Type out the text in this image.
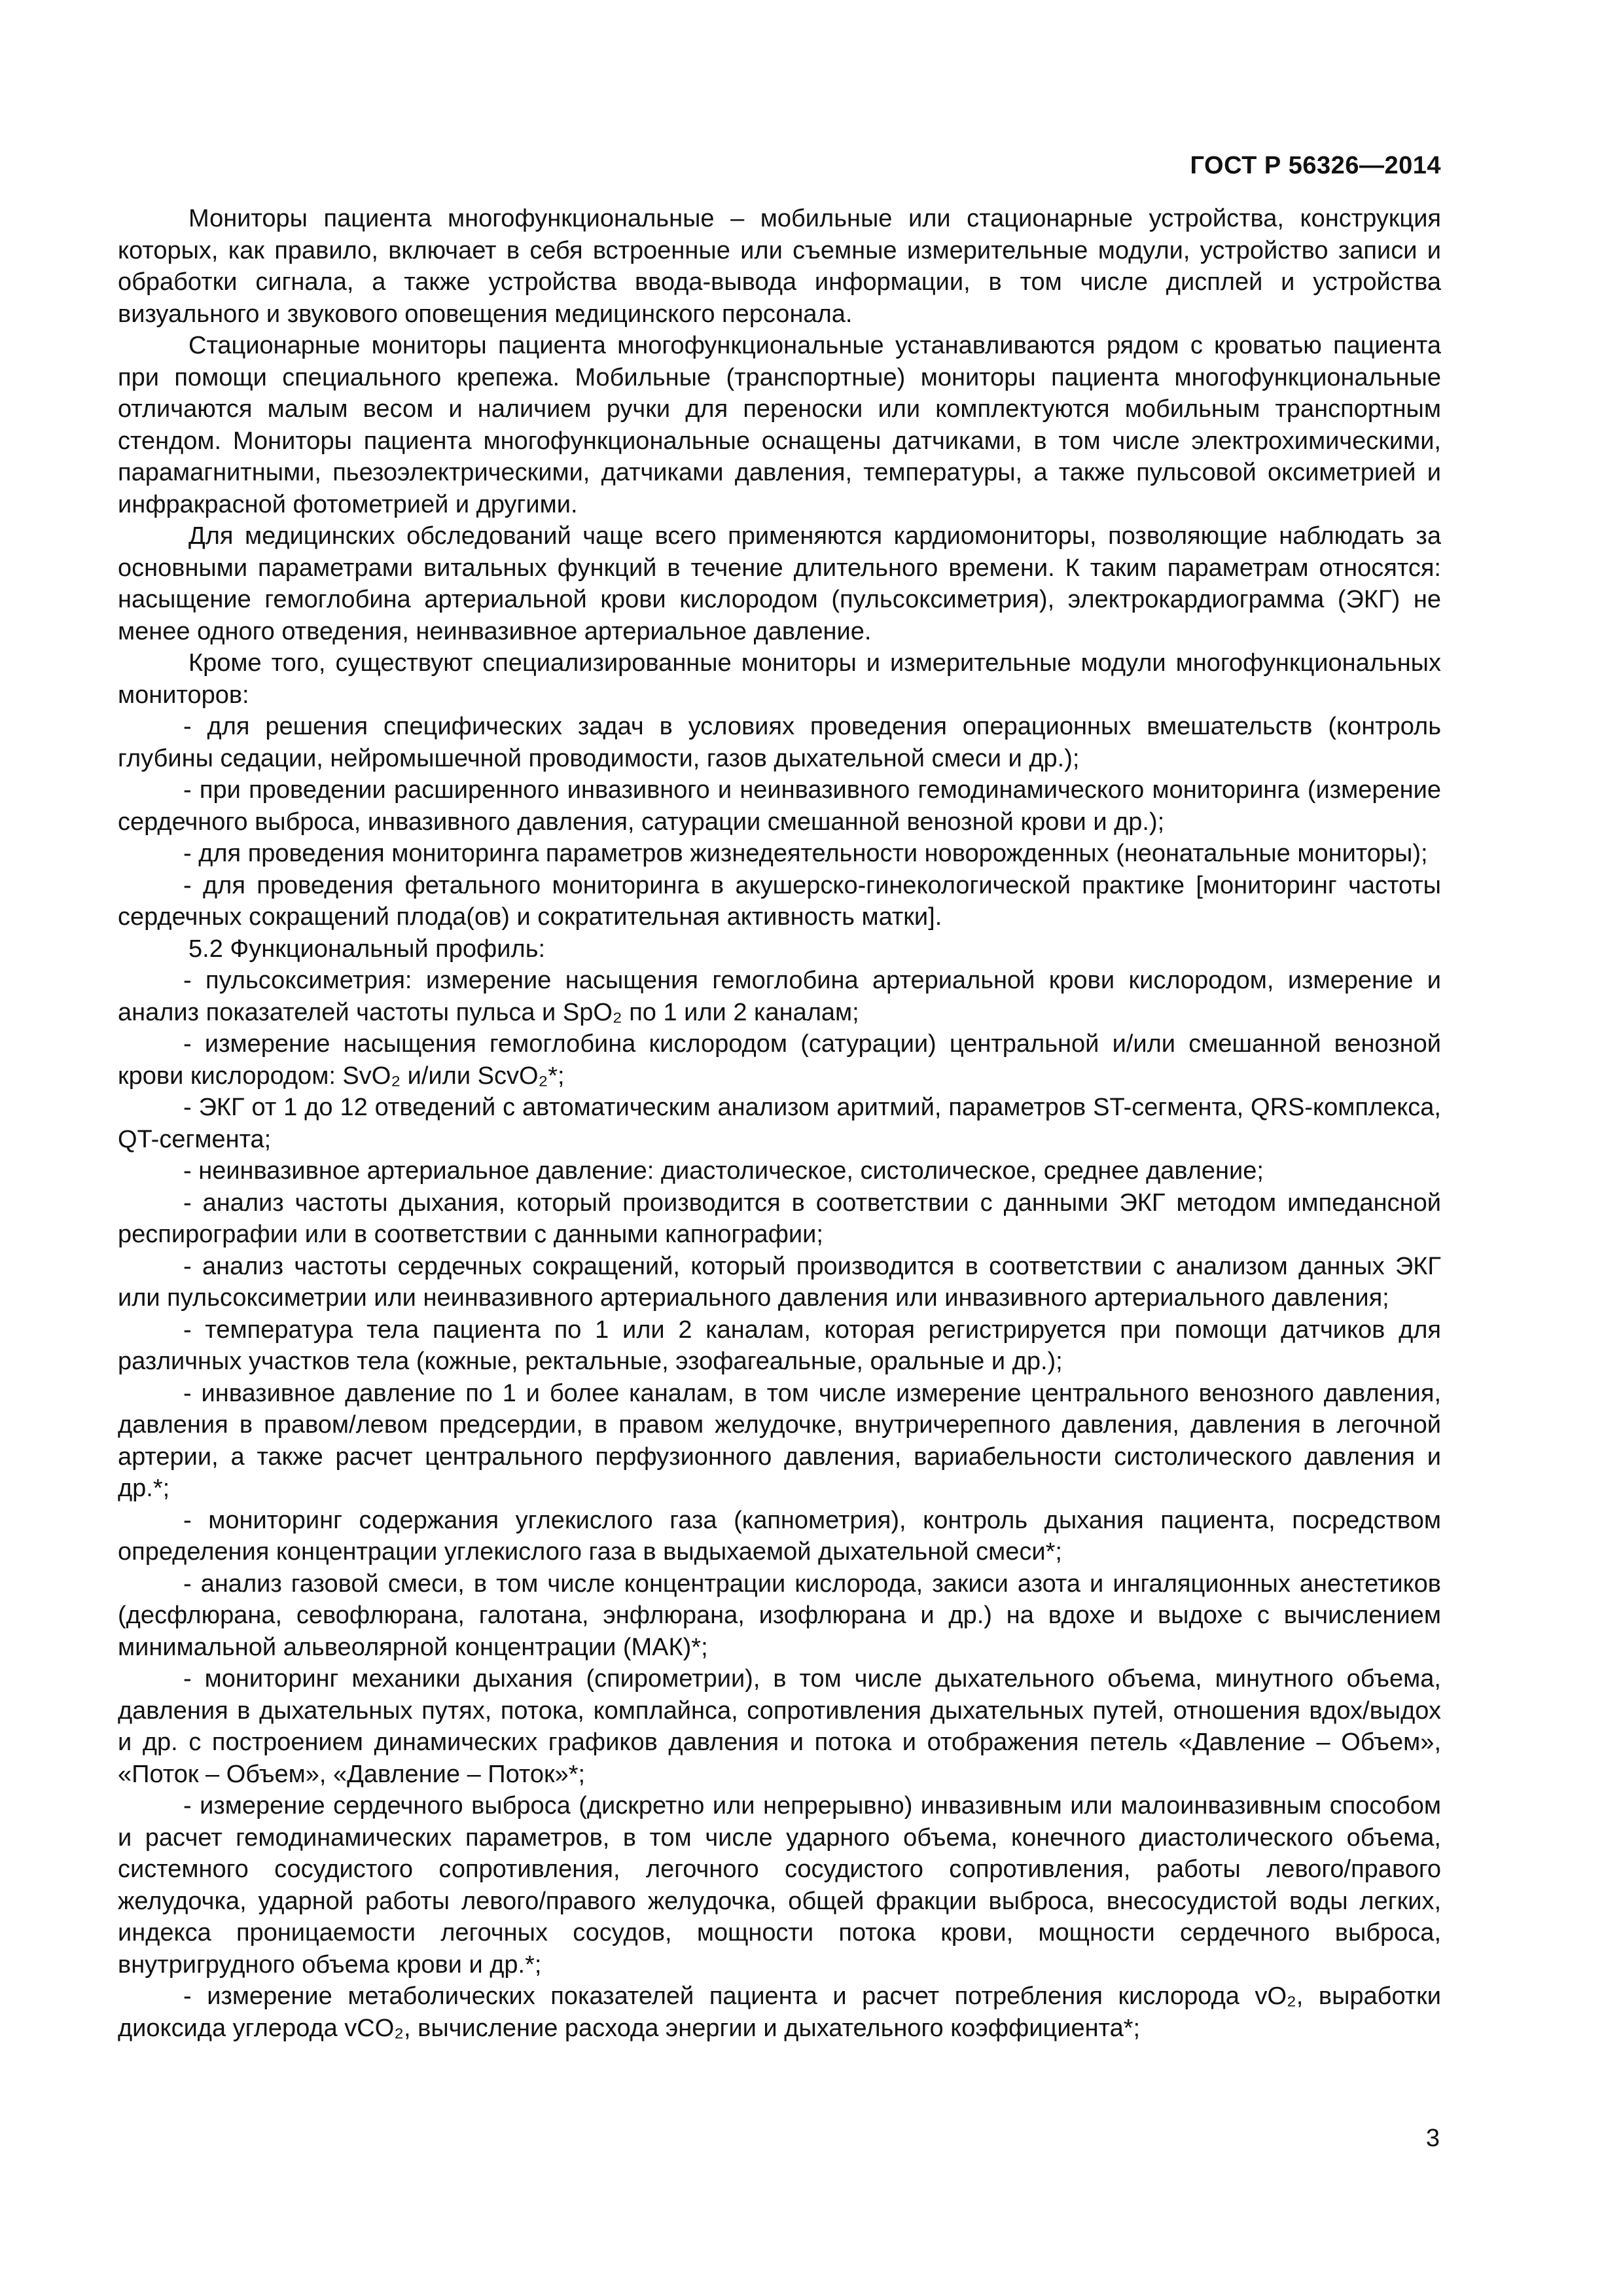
ГОСТ Р 56326—2014

Мониторы пациента многофункциональные – мобильные или стационарные устройства, конструкция которых, как правило, включает в себя встроенные или съемные измерительные модули, устройство записи и обработки сигнала, а также устройства ввода-вывода информации, в том числе дисплей и устройства визуального и звукового оповещения медицинского персонала.

Стационарные мониторы пациента многофункциональные устанавливаются рядом с кроватью пациента при помощи специального крепежа. Мобильные (транспортные) мониторы пациента многофункциональные отличаются малым весом и наличием ручки для переноски или комплектуются мобильным транспортным стендом. Мониторы пациента многофункциональные оснащены датчиками, в том числе электрохимическими, парамагнитными, пьезоэлектрическими, датчиками давления, температуры, а также пульсовой оксиметрией и инфракрасной фотометрией и другими.

Для медицинских обследований чаще всего применяются кардиомониторы, позволяющие наблюдать за основными параметрами витальных функций в течение длительного времени. К таким параметрам относятся: насыщение гемоглобина артериальной крови кислородом (пульсоксиметрия), электрокардиограмма (ЭКГ) не менее одного отведения, неинвазивное артериальное давление.

Кроме того, существуют специализированные мониторы и измерительные модули многофункциональных мониторов:

- для решения специфических задач в условиях проведения операционных вмешательств (контроль глубины седации, нейромышечной проводимости, газов дыхательной смеси и др.);

- при проведении расширенного инвазивного и неинвазивного гемодинамического мониторинга (измерение сердечного выброса, инвазивного давления, сатурации смешанной венозной крови и др.);

- для проведения мониторинга параметров жизнедеятельности новорожденных (неонатальные мониторы);

- для проведения фетального мониторинга в акушерско-гинекологической практике [мониторинг частоты сердечных сокращений плода(ов) и сократительная активность матки].

5.2 Функциональный профиль:

- пульсоксиметрия: измерение насыщения гемоглобина артериальной крови кислородом, измерение и анализ показателей частоты пульса и SpO₂ по 1 или 2 каналам;

- измерение насыщения гемоглобина кислородом (сатурации) центральной и/или смешанной венозной крови кислородом: SvO₂ и/или ScvO₂*;

- ЭКГ от 1 до 12 отведений с автоматическим анализом аритмий, параметров ST-сегмента, QRS-комплекса, QT-сегмента;

- неинвазивное артериальное давление: диастолическое, систолическое, среднее давление;

- анализ частоты дыхания, который производится в соответствии с данными ЭКГ методом импедансной респирографии или в соответствии с данными капнографии;

- анализ частоты сердечных сокращений, который производится в соответствии с анализом данных ЭКГ или пульсоксиметрии или неинвазивного артериального давления или инвазивного артериального давления;

- температура тела пациента по 1 или 2 каналам, которая регистрируется при помощи датчиков для различных участков тела (кожные, ректальные, эзофагеальные, оральные и др.);

- инвазивное давление по 1 и более каналам, в том числе измерение центрального венозного давления, давления в правом/левом предсердии, в правом желудочке, внутричерепного давления, давления в легочной артерии, а также расчет центрального перфузионного давления, вариабельности систолического давления и др.*;

- мониторинг содержания углекислого газа (капнометрия), контроль дыхания пациента, посредством определения концентрации углекислого газа в выдыхаемой дыхательной смеси*;

- анализ газовой смеси, в том числе концентрации кислорода, закиси азота и ингаляционных анестетиков (десфлюрана, севофлюрана, галотана, энфлюрана, изофлюрана и др.) на вдохе и выдохе с вычислением минимальной альвеолярной концентрации (МАК)*;

- мониторинг механики дыхания (спирометрии), в том числе дыхательного объема, минутного объема, давления в дыхательных путях, потока, комплайнса, сопротивления дыхательных путей, отношения вдох/выдох и др. с построением динамических графиков давления и потока и отображения петель «Давление – Объем», «Поток – Объем», «Давление – Поток»*;

- измерение сердечного выброса (дискретно или непрерывно) инвазивным или малоинвазивным способом и расчет гемодинамических параметров, в том числе ударного объема, конечного диастолического объема, системного сосудистого сопротивления, легочного сосудистого сопротивления, работы левого/правого желудочка, ударной работы левого/правого желудочка, общей фракции выброса, внесосудистой воды легких, индекса проницаемости легочных сосудов, мощности потока крови, мощности сердечного выброса, внутригрудного объема крови и др.*;

- измерение метаболических показателей пациента и расчет потребления кислорода vO₂, выработки диоксида углерода vCO₂, вычисление расхода энергии и дыхательного коэффициента*;

3
